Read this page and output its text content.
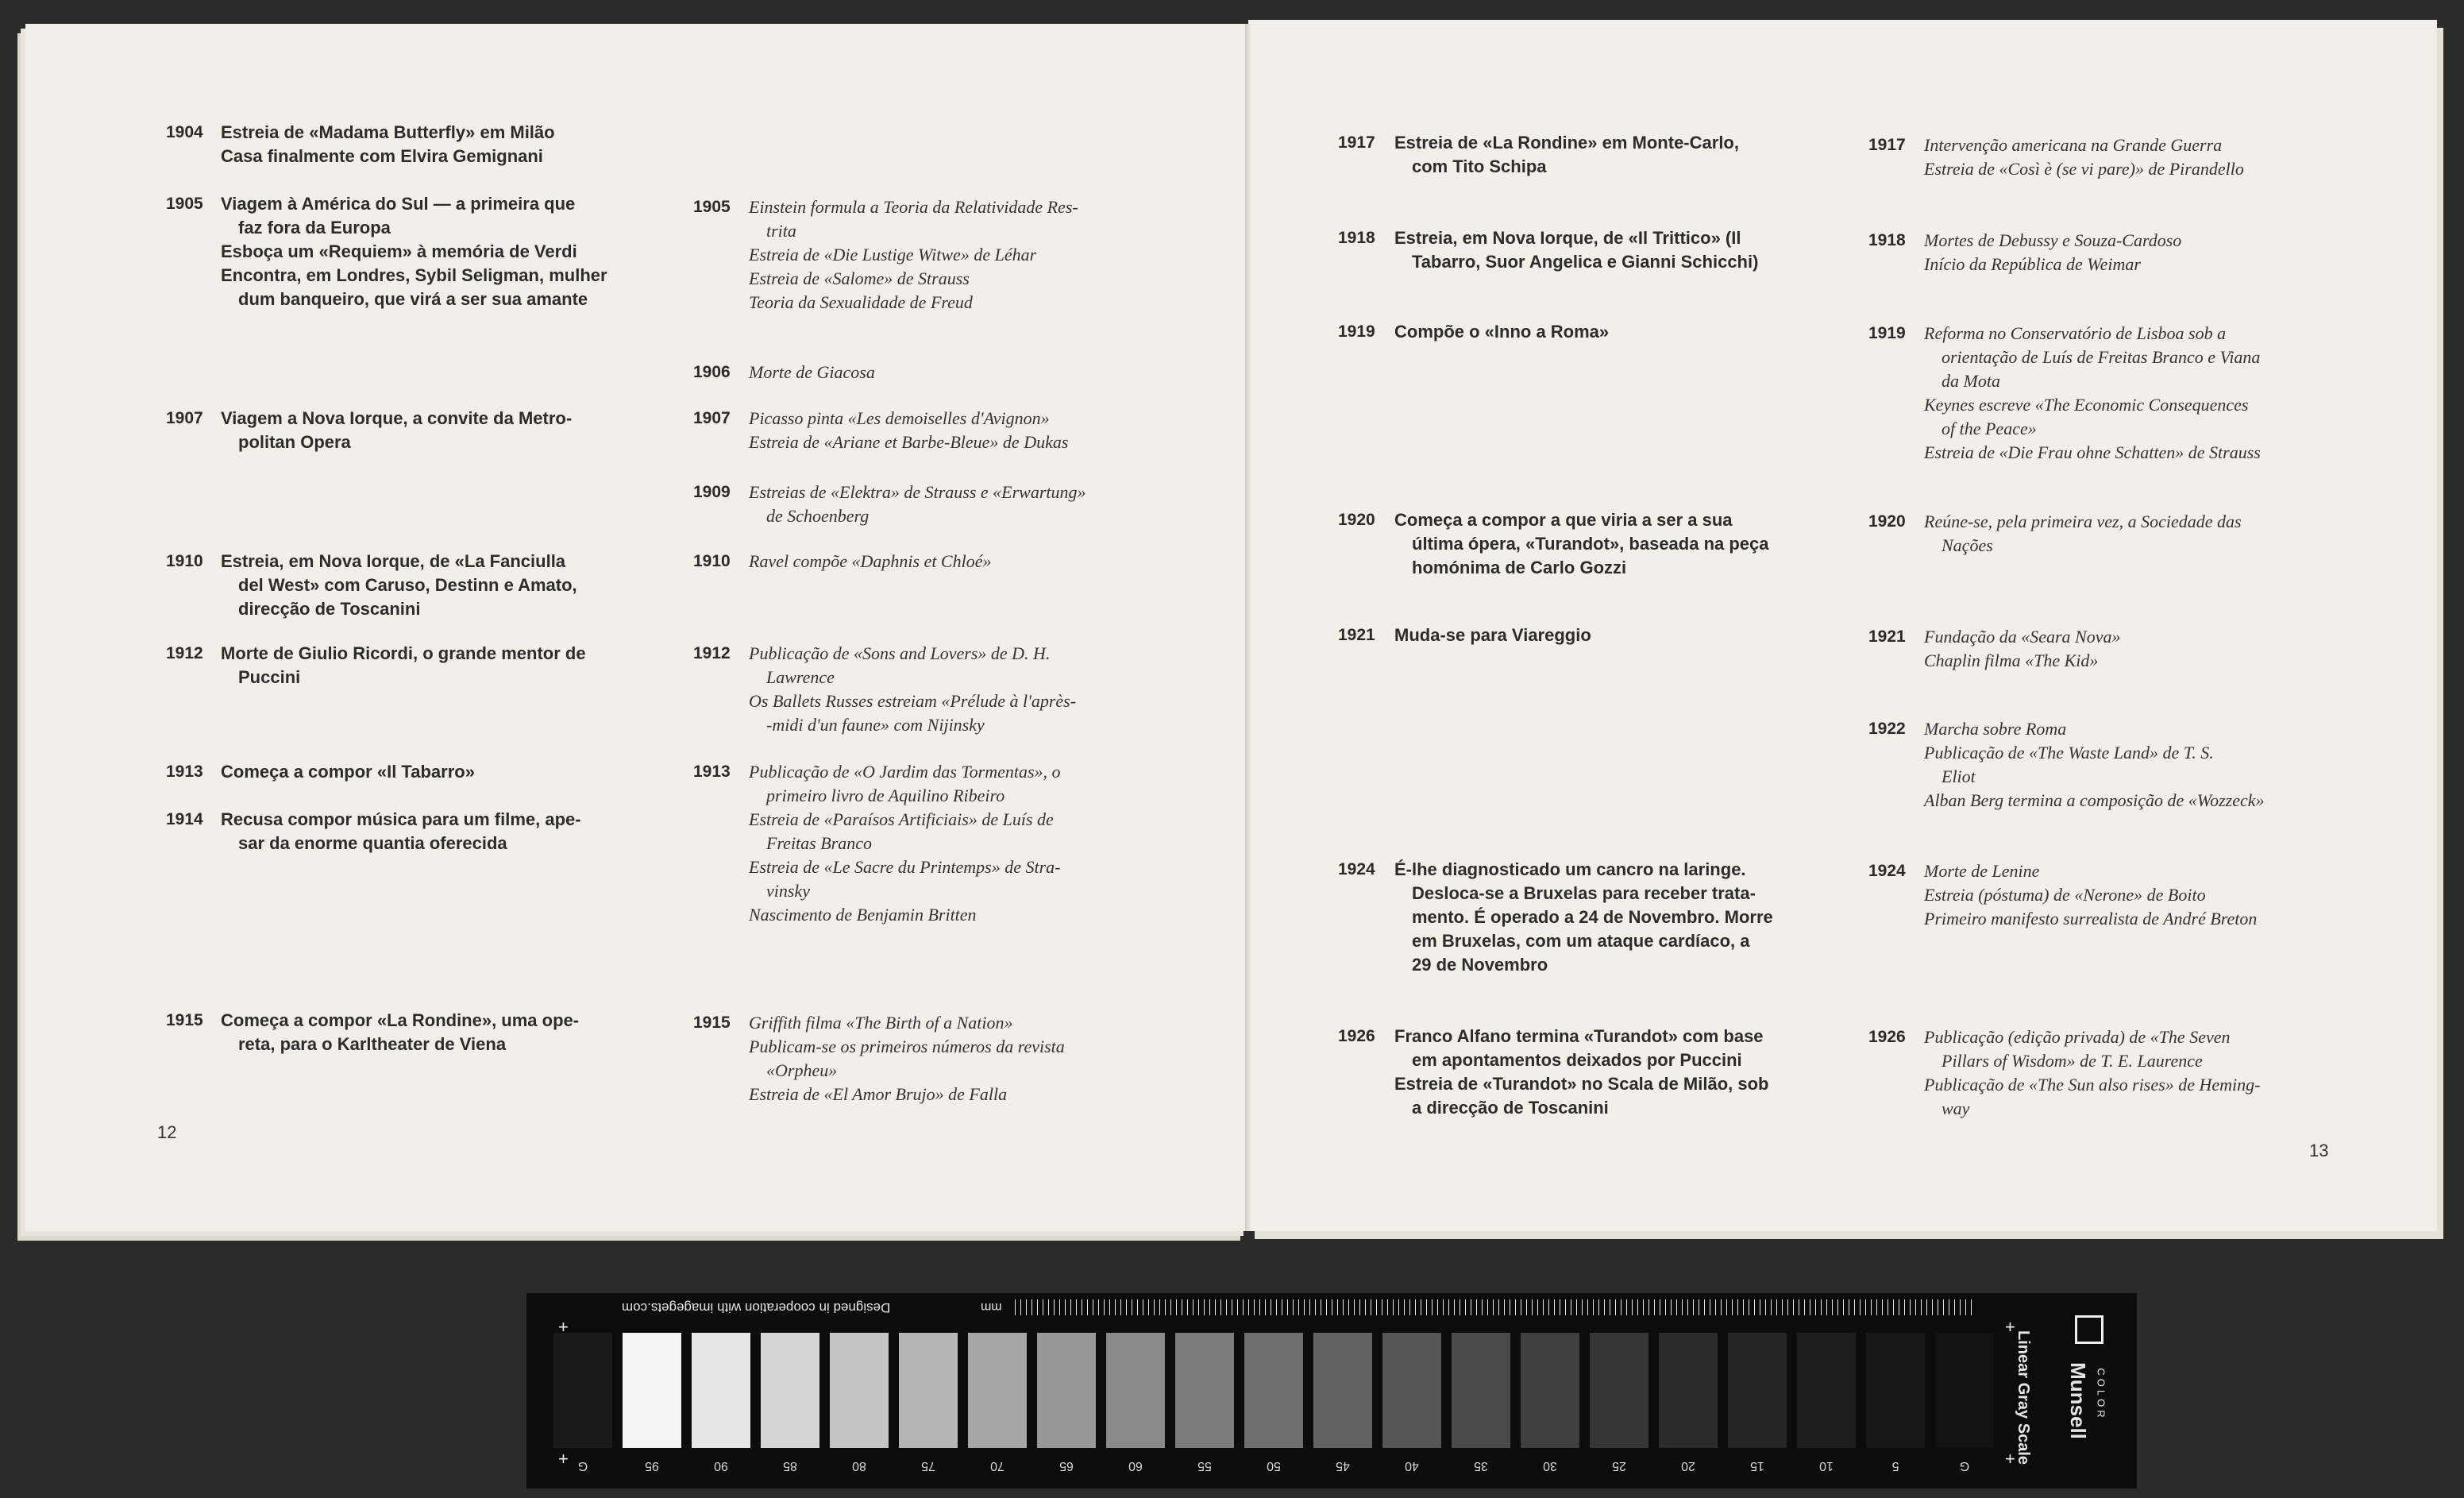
1904 Estreia de «Madama Butterfly» em Milão
Casa finalmente com Elvira Gemignani
1905 Viagem à América do Sul — a primeira que
faz fora da Europa
Esboça um «Requiem» à memória de Verdi
Encontra, em Londres, Sybil Seligman, mulher
dum banqueiro, que virá a ser sua amante
1907 Viagem a Nova Iorque, a convite da Metro-
politan Opera
1910 Estreia, em Nova Iorque, de «La Fanciulla
del West» com Caruso, Destinn e Amato,
direcção de Toscanini
1912 Morte de Giulio Ricordi, o grande mentor de
Puccini
1913 Começa a compor «Il Tabarro»
1914 Recusa compor música para um filme, ape-
sar da enorme quantia oferecida
1915 Começa a compor «La Rondine», uma ope-
reta, para o Karltheater de Viena
1905 Einstein formula a Teoria da Relatividade Res-
trita
Estreia de «Die Lustige Witwe» de Léhar
Estreia de «Salome» de Strauss
Teoria da Sexualidade de Freud
1906 Morte de Giacosa
1907 Picasso pinta «Les demoiselles d'Avignon»
Estreia de «Ariane et Barbe-Bleue» de Dukas
1909 Estreias de «Elektra» de Strauss e «Erwartung»
de Schoenberg
1910 Ravel compõe «Daphnis et Chloé»
1912 Publicação de «Sons and Lovers» de D. H.
Lawrence
Os Ballets Russes estreiam «Prélude à l'après-
-midi d'un faune» com Nijinsky
1913 Publicação de «O Jardim das Tormentas», o
primeiro livro de Aquilino Ribeiro
Estreia de «Paraísos Artificiais» de Luís de
Freitas Branco
Estreia de «Le Sacre du Printemps» de Stra-
vinsky
Nascimento de Benjamin Britten
1915 Griffith filma «The Birth of a Nation»
Publicam-se os primeiros números da revista
«Orpheu»
Estreia de «El Amor Brujo» de Falla
1917 Estreia de «La Rondine» em Monte-Carlo,
com Tito Schipa
1918 Estreia, em Nova Iorque, de «Il Trittico» (Il
Tabarro, Suor Angelica e Gianni Schicchi)
1919 Compõe o «Inno a Roma»
1920 Começa a compor a que viria a ser a sua
última ópera, «Turandot», baseada na peça
homónima de Carlo Gozzi
1921 Muda-se para Viareggio
1924 É-lhe diagnosticado um cancro na laringe.
Desloca-se a Bruxelas para receber trata-
mento. É operado a 24 de Novembro. Morre
em Bruxelas, com um ataque cardíaco, a
29 de Novembro
1926 Franco Alfano termina «Turandot» com base
em apontamentos deixados por Puccini
Estreia de «Turandot» no Scala de Milão, sob
a direcção de Toscanini
1917 Intervenção americana na Grande Guerra
Estreia de «Così è (se vi pare)» de Pirandello
1918 Mortes de Debussy e Souza-Cardoso
Início da República de Weimar
1919 Reforma no Conservatório de Lisboa sob a
orientação de Luís de Freitas Branco e Viana
da Mota
Keynes escreve «The Economic Consequences
of the Peace»
Estreia de «Die Frau ohne Schatten» de Strauss
1920 Reúne-se, pela primeira vez, a Sociedade das
Nações
1921 Fundação da «Seara Nova»
Chaplin filma «The Kid»
1922 Marcha sobre Roma
Publicação de «The Waste Land» de T. S.
Eliot
Alban Berg termina a composição de «Wozzeck»
1924 Morte de Lenine
Estreia (póstuma) de «Nerone» de Boito
Primeiro manifesto surrealista de André Breton
1926 Publicação (edição privada) de «The Seven
Pillars of Wisdom» de T. E. Laurence
Publicação de «The Sun also rises» de Heming-
way
12
13
mm
Designed in cooperation with imagegets.com
G	95	90	85	80	75	70	65	60	55	50	45	40	35	30	25	20	15	10	5	G
+
+
+
+
Munsell COLOR
Linear Gray Scale
